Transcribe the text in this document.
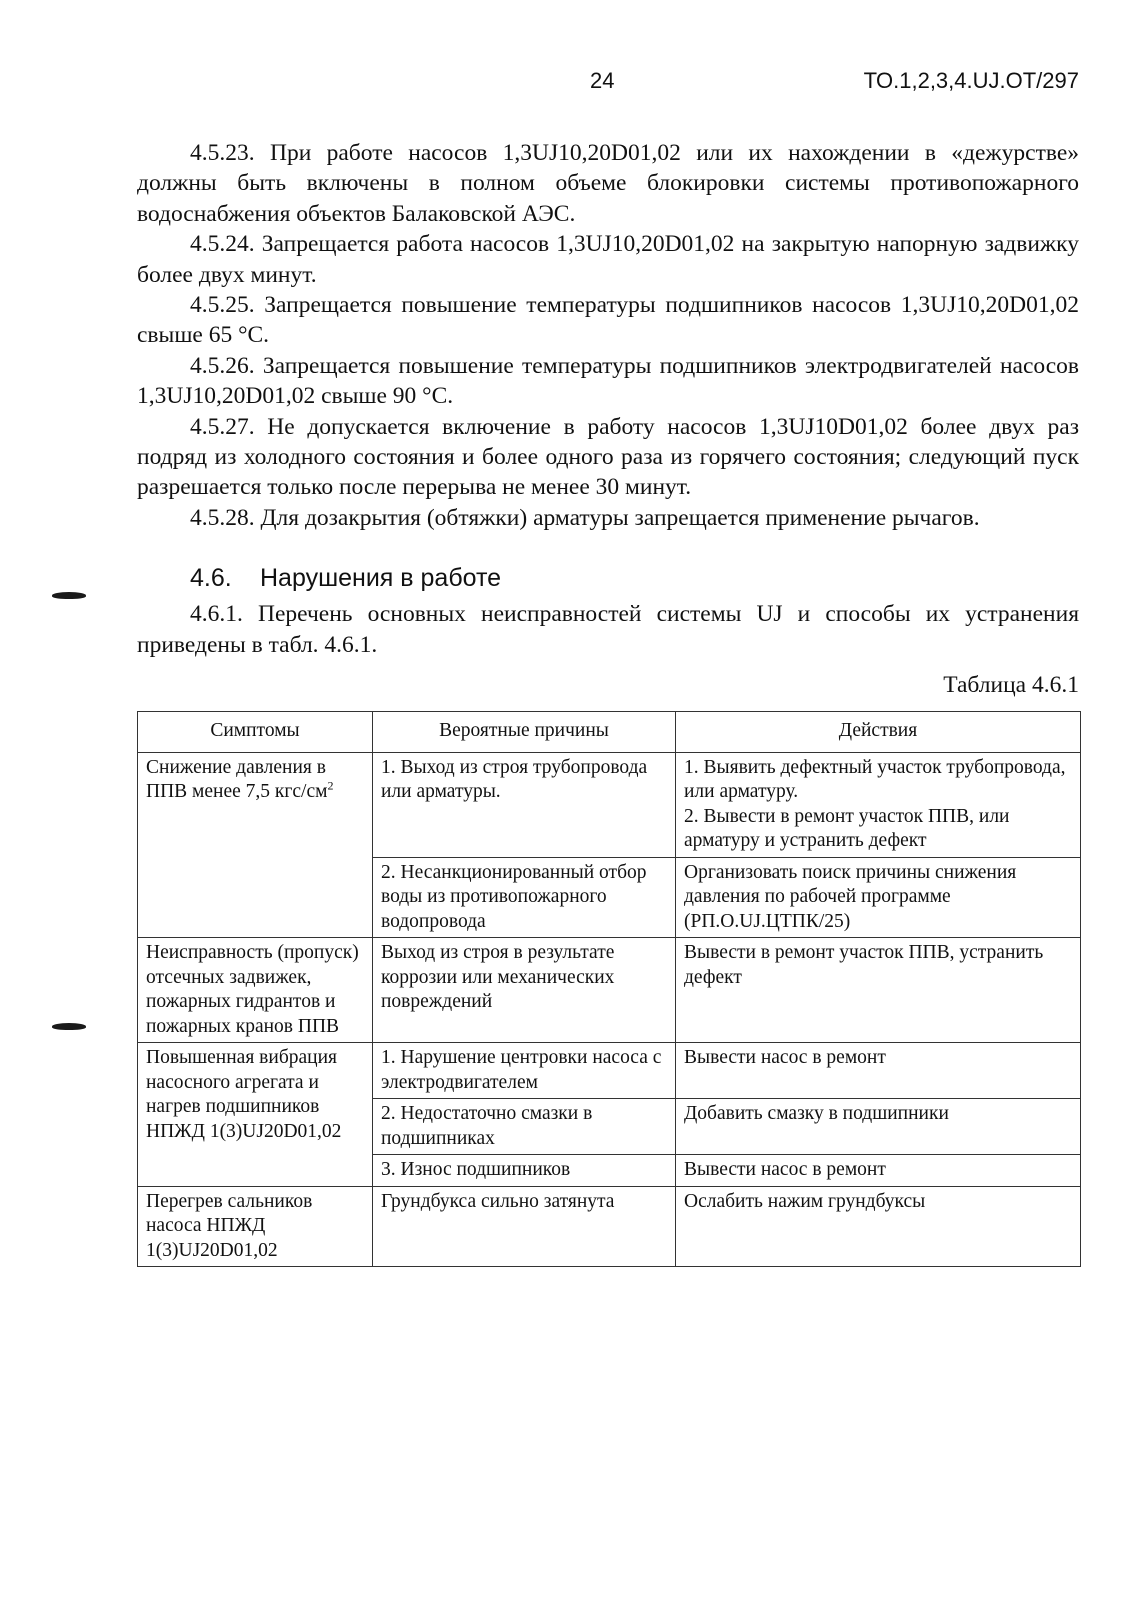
24	ТО.1,2,3,4.UJ.ОТ/297

4.5.23. При работе насосов 1,3UJ10,20D01,02 или их нахождении в «дежурстве» должны быть включены в полном объеме блокировки системы противопожарного водоснабжения объектов Балаковской АЭС.

4.5.24. Запрещается работа насосов 1,3UJ10,20D01,02 на закрытую напорную задвижку более двух минут.

4.5.25. Запрещается повышение температуры подшипников насосов 1,3UJ10,20D01,02 свыше 65 °С.

4.5.26. Запрещается повышение температуры подшипников электродвигателей насосов 1,3UJ10,20D01,02 свыше 90 °С.

4.5.27. Не допускается включение в работу насосов 1,3UJ10D01,02 более двух раз подряд из холодного состояния и более одного раза из горячего состояния; следующий пуск разрешается только после перерыва не менее 30 минут.

4.5.28. Для дозакрытия (обтяжки) арматуры запрещается применение рычагов.

4.6. Нарушения в работе

4.6.1. Перечень основных неисправностей системы UJ и способы их устранения приведены в табл. 4.6.1.

Таблица 4.6.1
Симптомы	Вероятные причины	Действия
Снижение давления в ППВ менее 7,5 кгс/$см^2$	1. Выход из строя трубопровода или арматуры.	1. Выявить дефектный участок трубопровода, или арматуру.
2. Вывести в ремонт участок ППВ, или арматуру и устранить дефект

	2. Несанкционированный отбор воды из противопожарного водопровода	Организовать поиск причины снижения давления по рабочей программе (РП.О.UJ.ЦТПК/25)
Неисправность (пропуск) отсечных задвижек, пожарных гидрантов и пожарных кранов ППВ	Выход из строя в результате коррозии или механических повреждений	Вывести в ремонт участок ППВ, устранить дефект
Повышенная вибрация насосного агрегата и нагрев подшипников НПЖД 1(3)UJ20D01,02	1. Нарушение центровки насоса с электродвигателем	Вывести насос в ремонт
	2. Недостаточно смазки в подшипниках	Добавить смазку в подшипники
	3. Износ подшипников	Вывести насос в ремонт
Перегрев сальников насоса НПЖД 1(3)UJ20D01,02	Грундбукса сильно затянута	Ослабить нажим грундбуксы
